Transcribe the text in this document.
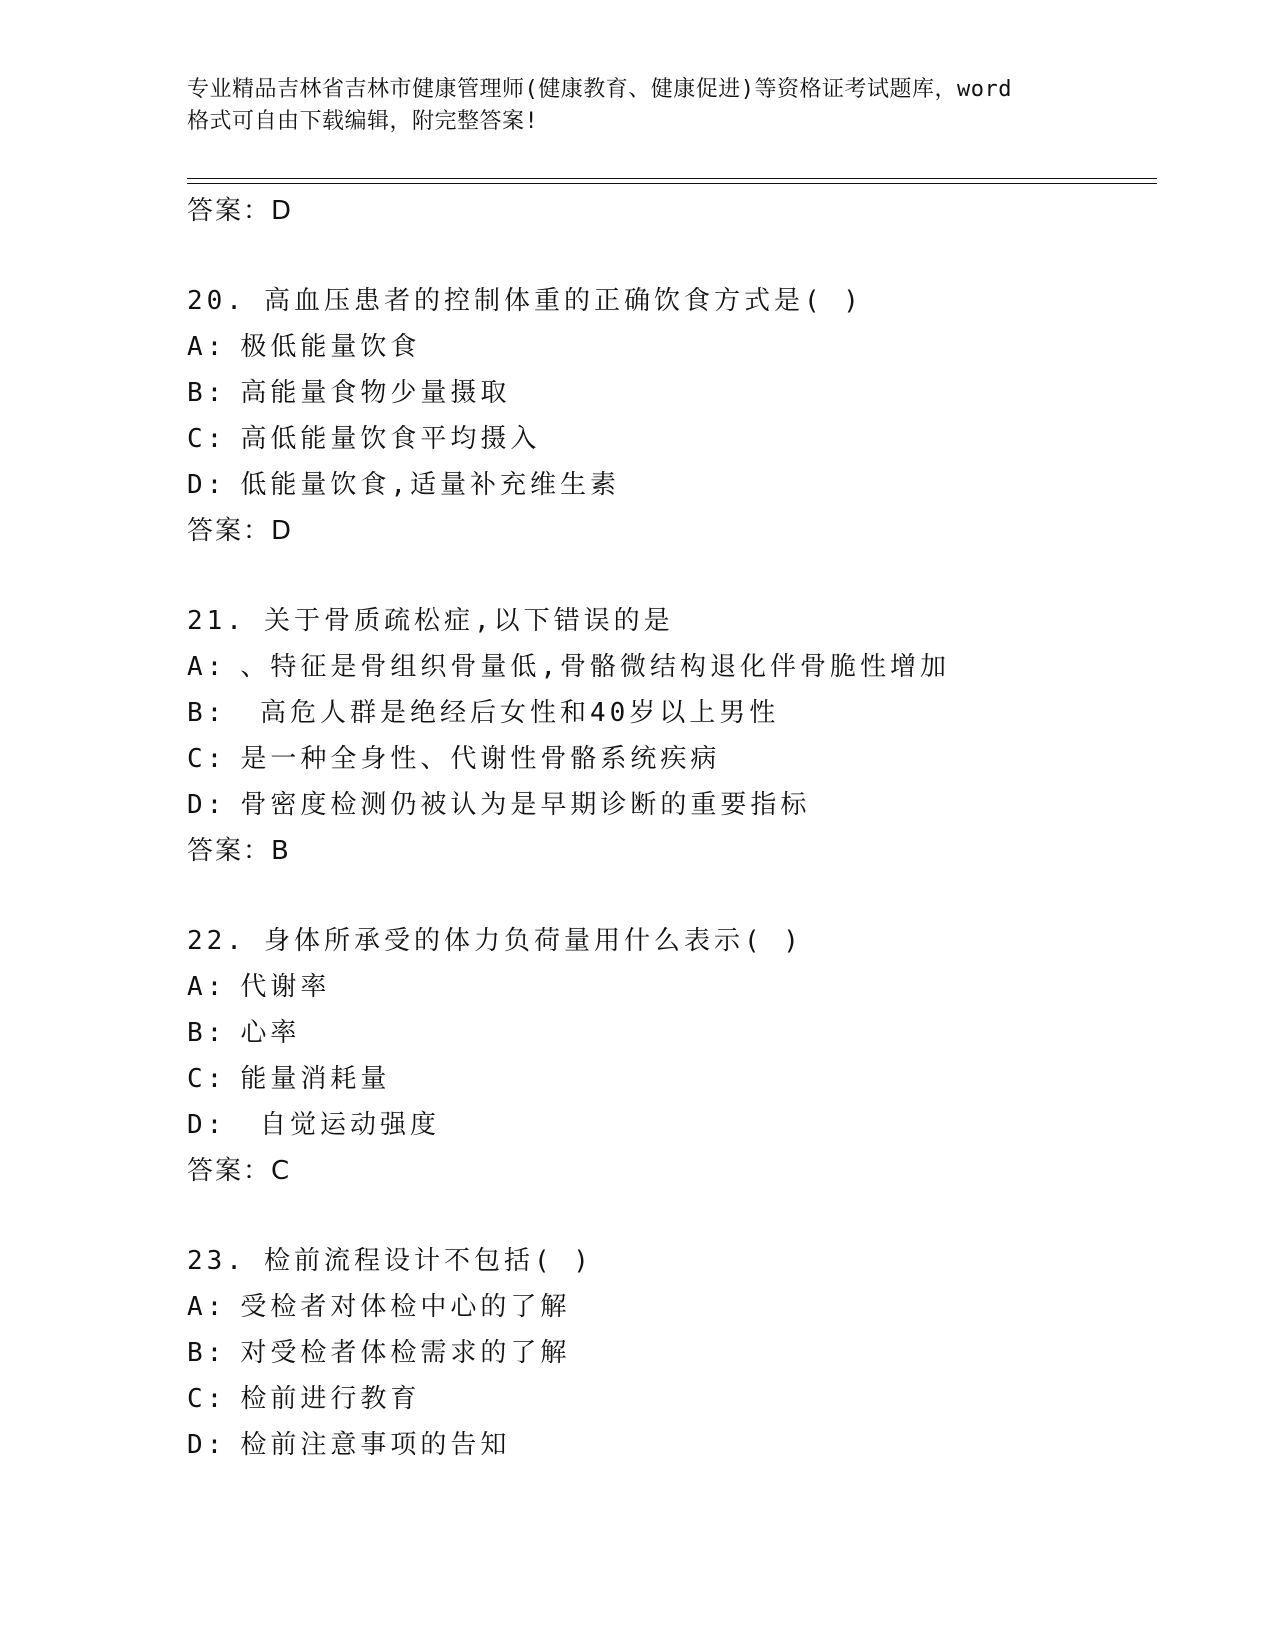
专业精品吉林省吉林市健康管理师(健康教育、健康促进)等资格证考试题库，word
格式可自由下载编辑，附完整答案!
答案：D
20. 高血压患者的控制体重的正确饮食方式是( )
A: 极低能量饮食
B: 高能量食物少量摄取
C: 高低能量饮食平均摄入
D: 低能量饮食,适量补充维生素
答案：D
21. 关于骨质疏松症,以下错误的是
A: 、特征是骨组织骨量低,骨骼微结构退化伴骨脆性增加
B: 高危人群是绝经后女性和40岁以上男性
C: 是一种全身性、代谢性骨骼系统疾病
D: 骨密度检测仍被认为是早期诊断的重要指标
答案：B
22. 身体所承受的体力负荷量用什么表示( )
A: 代谢率
B: 心率
C: 能量消耗量
D: 自觉运动强度
答案：C
23. 检前流程设计不包括( )
A: 受检者对体检中心的了解
B: 对受检者体检需求的了解
C: 检前进行教育
D: 检前注意事项的告知
